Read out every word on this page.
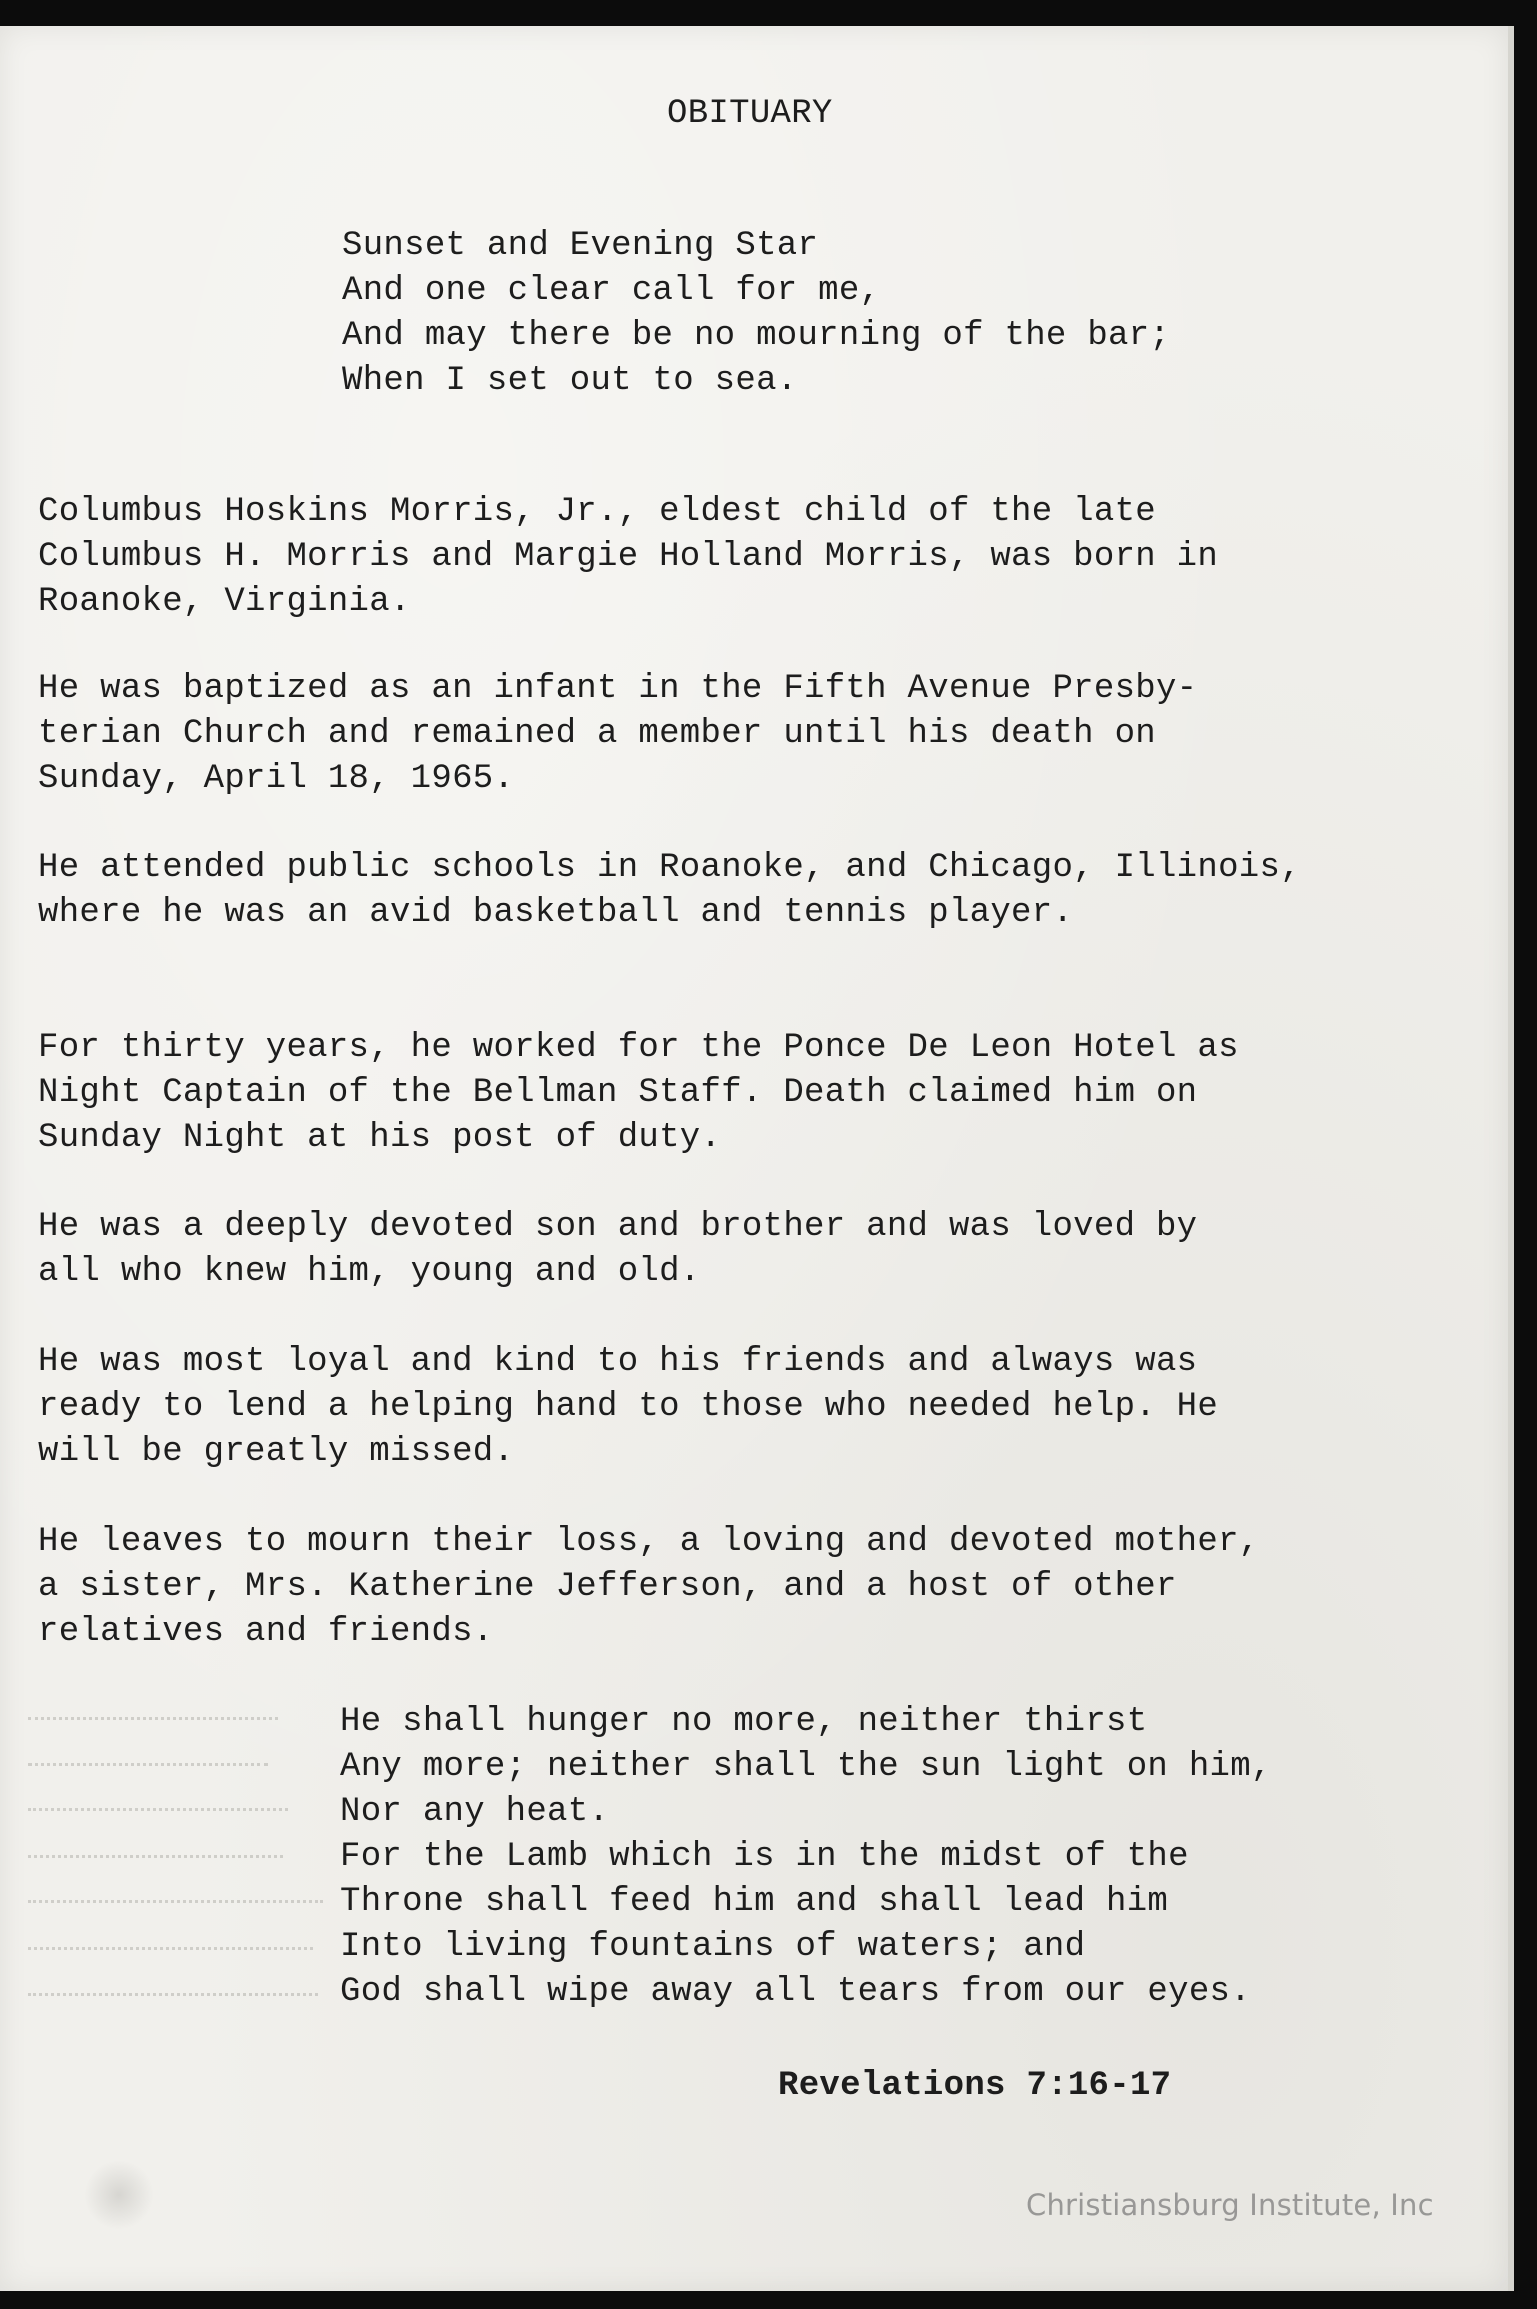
OBITUARY
Sunset and Evening Star
And one clear call for me,
And may there be no mourning of the bar;
When I set out to sea.
Columbus Hoskins Morris, Jr., eldest child of the late
Columbus H. Morris and Margie Holland Morris, was born in
Roanoke, Virginia.
He was baptized as an infant in the Fifth Avenue Presby-
terian Church and remained a member until his death on
Sunday, April 18, 1965.
He attended public schools in Roanoke, and Chicago, Illinois,
where he was an avid basketball and tennis player.
For thirty years, he worked for the Ponce De Leon Hotel as
Night Captain of the Bellman Staff. Death claimed him on
Sunday Night at his post of duty.
He was a deeply devoted son and brother and was loved by
all who knew him, young and old.
He was most loyal and kind to his friends and always was
ready to lend a helping hand to those who needed help. He
will be greatly missed.
He leaves to mourn their loss, a loving and devoted mother,
a sister, Mrs. Katherine Jefferson, and a host of other
relatives and friends.
He shall hunger no more, neither thirst
Any more; neither shall the sun light on him,
Nor any heat.
For the Lamb which is in the midst of the
Throne shall feed him and shall lead him
Into living fountains of waters; and
God shall wipe away all tears from our eyes.
Revelations 7:16-17
Christiansburg Institute, Inc
